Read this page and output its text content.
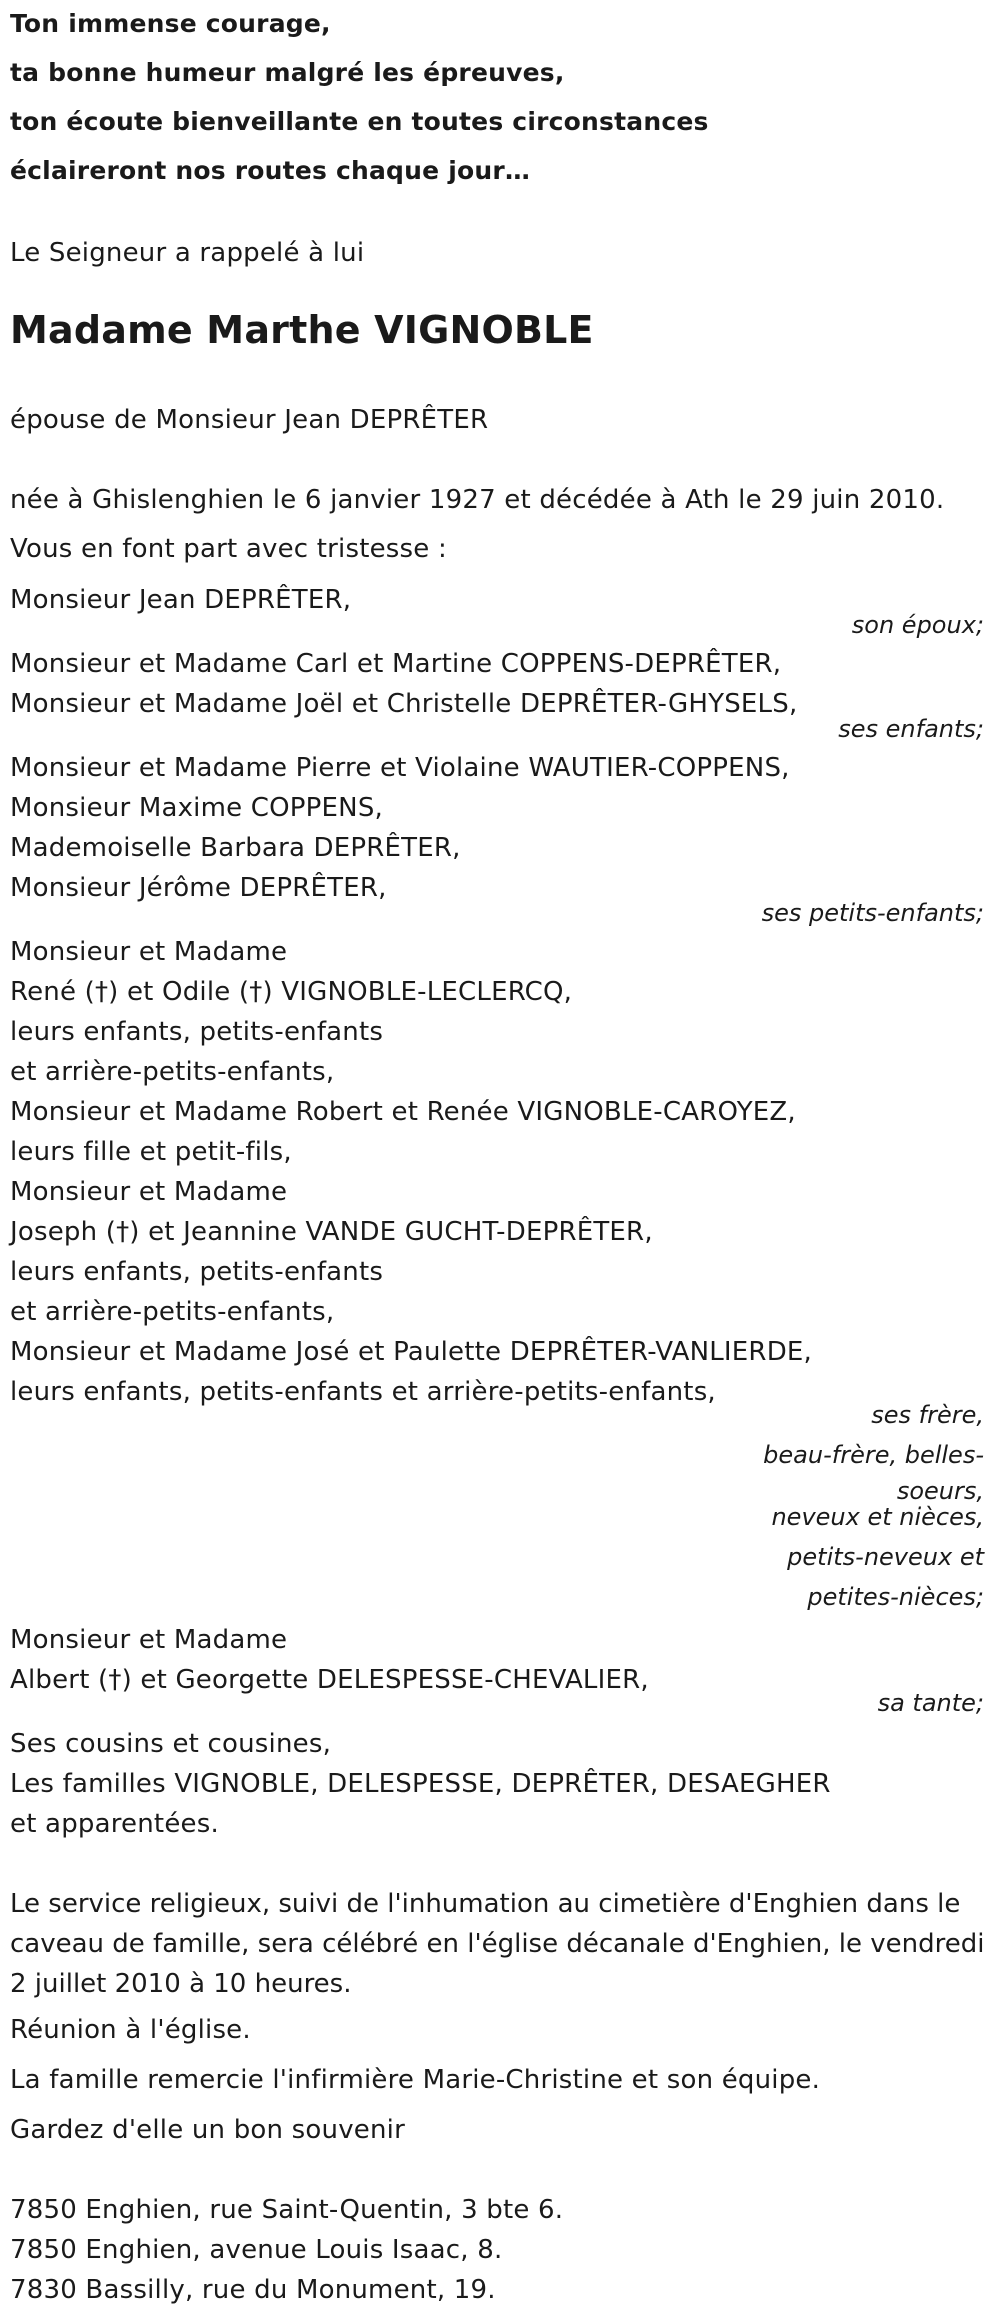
Ton immense courage,
ta bonne humeur malgré les épreuves,
ton écoute bienveillante en toutes circonstances
éclaireront nos routes chaque jour…
Le Seigneur a rappelé à lui
Madame Marthe VIGNOBLE
épouse de Monsieur Jean DEPRÊTER
née à Ghislenghien le 6 janvier 1927 et décédée à Ath le 29 juin 2010.
Vous en font part avec tristesse :
Monsieur Jean DEPRÊTER,
son époux;
Monsieur et Madame Carl et Martine COPPENS-DEPRÊTER,
Monsieur et Madame Joël et Christelle DEPRÊTER-GHYSELS,
ses enfants;
Monsieur et Madame Pierre et Violaine WAUTIER-COPPENS,
Monsieur Maxime COPPENS,
Mademoiselle Barbara DEPRÊTER,
Monsieur Jérôme DEPRÊTER,
ses petits-enfants;
Monsieur et Madame
René (†) et Odile (†) VIGNOBLE-LECLERCQ,
leurs enfants, petits-enfants
et arrière-petits-enfants,
Monsieur et Madame Robert et Renée VIGNOBLE-CAROYEZ,
leurs fille et petit-fils,
Monsieur et Madame
Joseph (†) et Jeannine VANDE GUCHT-DEPRÊTER,
leurs enfants, petits-enfants
et arrière-petits-enfants,
Monsieur et Madame José et Paulette DEPRÊTER-VANLIERDE,
leurs enfants, petits-enfants et arrière-petits-enfants,
ses frère,
beau-frère, belles-
soeurs,
neveux et nièces,
petits-neveux et
petites-nièces;
Monsieur et Madame
Albert (†) et Georgette DELESPESSE-CHEVALIER,
sa tante;
Ses cousins et cousines,
Les familles VIGNOBLE, DELESPESSE, DEPRÊTER, DESAEGHER
et apparentées.
Le service religieux, suivi de l'inhumation au cimetière d'Enghien dans le caveau de famille, sera célébré en l'église décanale d'Enghien, le vendredi 2 juillet 2010 à 10 heures.
Réunion à l'église.
La famille remercie l'infirmière Marie-Christine et son équipe.
Gardez d'elle un bon souvenir
7850 Enghien, rue Saint-Quentin, 3 bte 6.
7850 Enghien, avenue Louis Isaac, 8.
7830 Bassilly, rue du Monument, 19.
